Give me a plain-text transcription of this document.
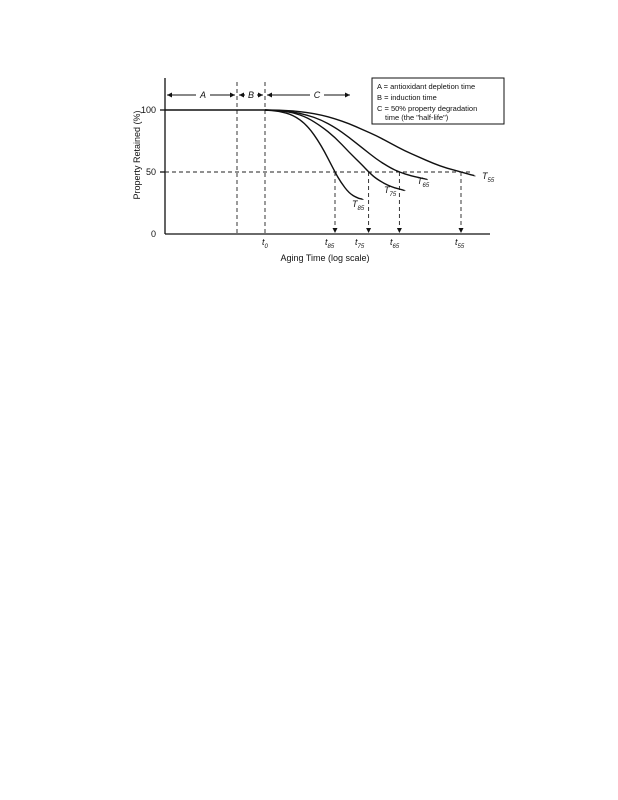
100
50
0
Property Retained (%)
Aging Time (log scale)
A	B	C
$T_{85}$
$T_{75}$
$T_{65}$
$T_{55}$
$t_0$	$t_{85}$ $t_{75}$	$t_{65}$	$t_{55}$
A = antioxidant depletion time
B = induction time
C = 50% property degradation
time (the "half-life")
